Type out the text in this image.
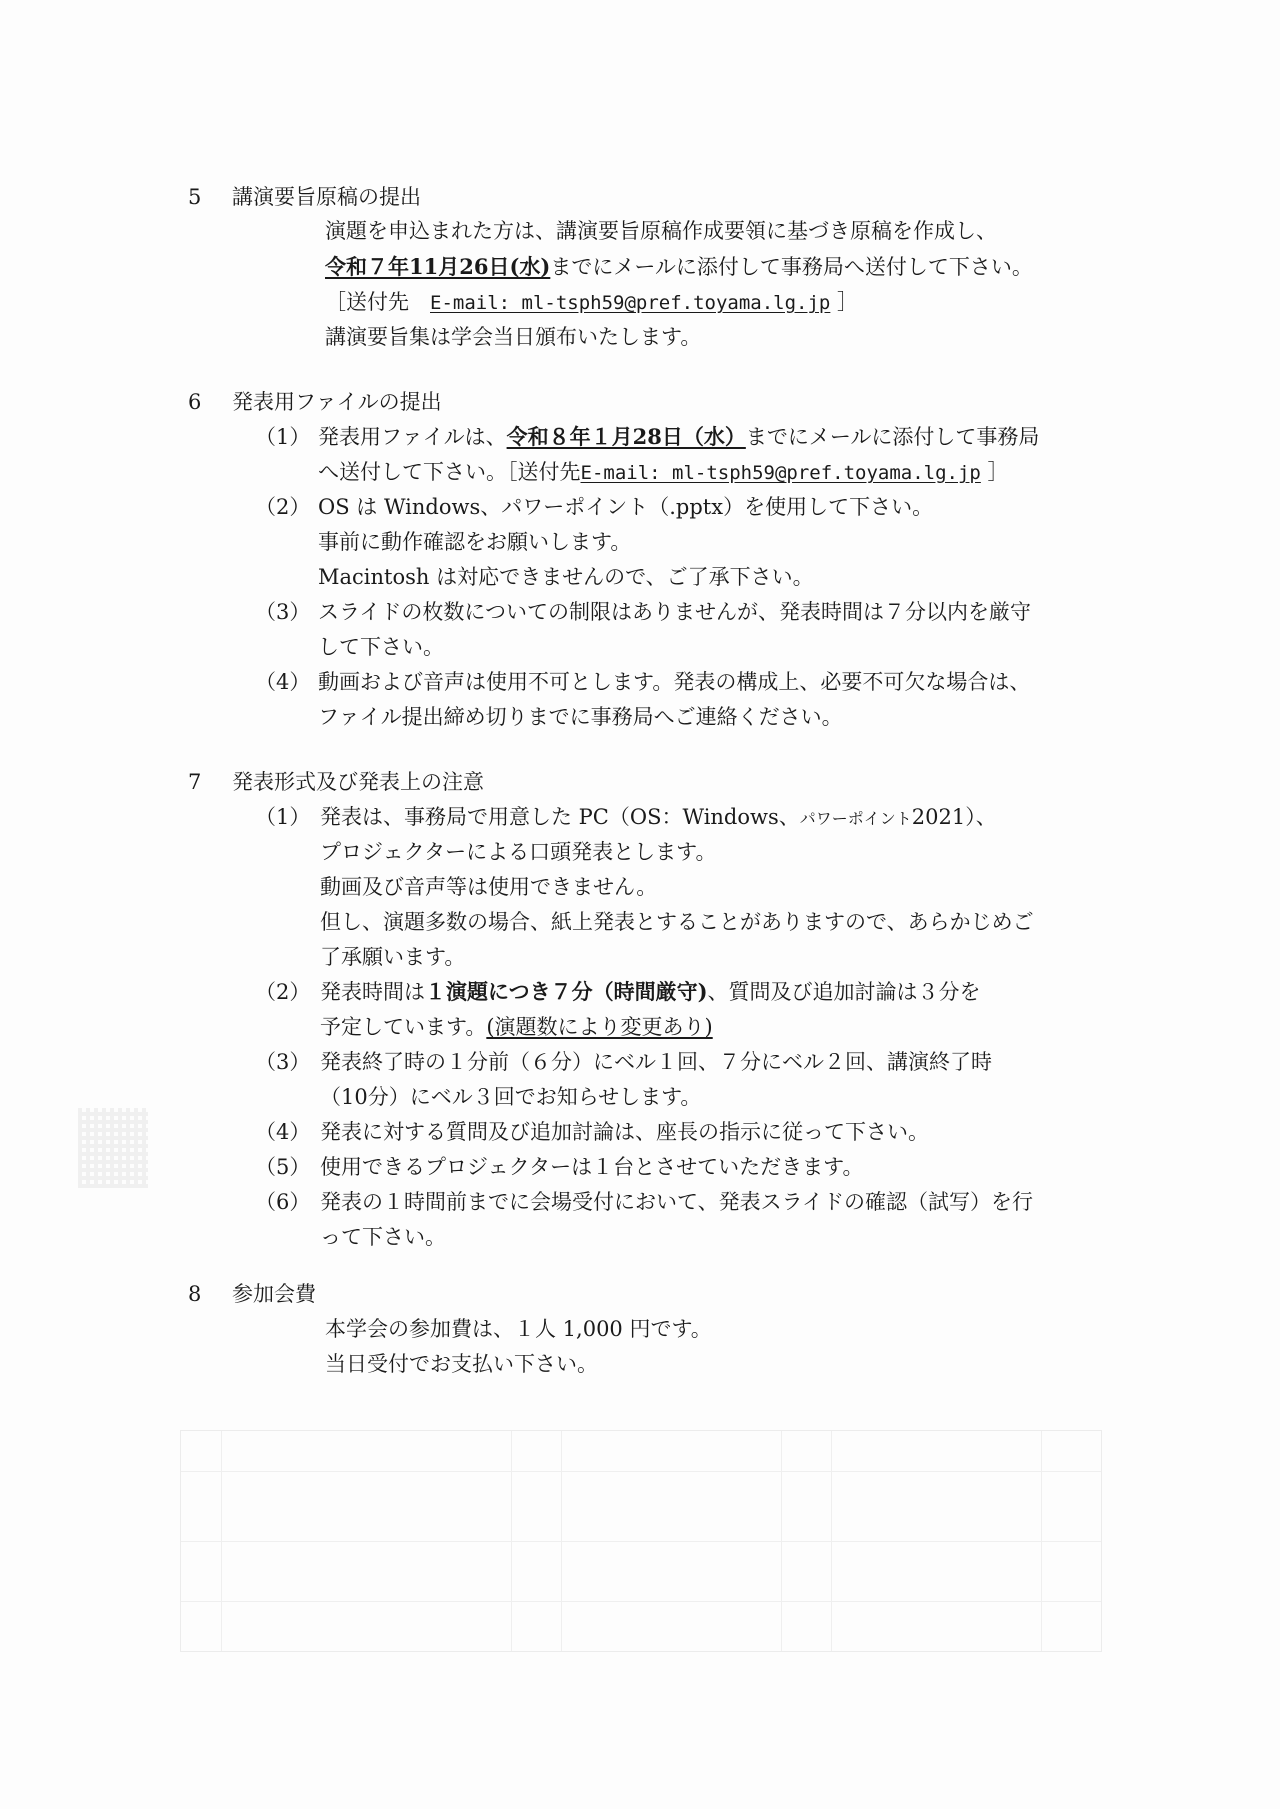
5 講演要旨原稿の提出
演題を申込まれた方は、講演要旨原稿作成要領に基づき原稿を作成し、
令和７年11月26日(水)までにメールに添付して事務局へ送付して下さい。
［送付先　E-mail: ml-tsph59@pref.toyama.lg.jp ］
講演要旨集は学会当日頒布いたします。
6 発表用ファイルの提出
（1） 発表用ファイルは、令和８年１月28日（水）までにメールに添付して事務局
へ送付して下さい。［送付先E-mail: ml-tsph59@pref.toyama.lg.jp ］
（2） OS は Windows、パワーポイント（.pptx）を使用して下さい。
事前に動作確認をお願いします。
Macintosh は対応できませんので、ご了承下さい。
（3） スライドの枚数についての制限はありませんが、発表時間は７分以内を厳守
して下さい。
（4） 動画および音声は使用不可とします。発表の構成上、必要不可欠な場合は、
ファイル提出締め切りまでに事務局へご連絡ください。
7 発表形式及び発表上の注意
（1） 発表は、事務局で用意した PC（OS：Windows、パワーポイント2021）、
プロジェクターによる口頭発表とします。
動画及び音声等は使用できません。
但し、演題多数の場合、紙上発表とすることがありますので、あらかじめご
了承願います。
（2） 発表時間は１演題につき７分（時間厳守)、質問及び追加討論は３分を
予定しています。(演題数により変更あり)
（3） 発表終了時の１分前（６分）にベル１回、７分にベル２回、講演終了時
（10分）にベル３回でお知らせします。
（4） 発表に対する質問及び追加討論は、座長の指示に従って下さい。
（5） 使用できるプロジェクターは１台とさせていただきます。
（6） 発表の１時間前までに会場受付において、発表スライドの確認（試写）を行
って下さい。
8 参加会費
本学会の参加費は、１人 1,000 円です。
当日受付でお支払い下さい。
